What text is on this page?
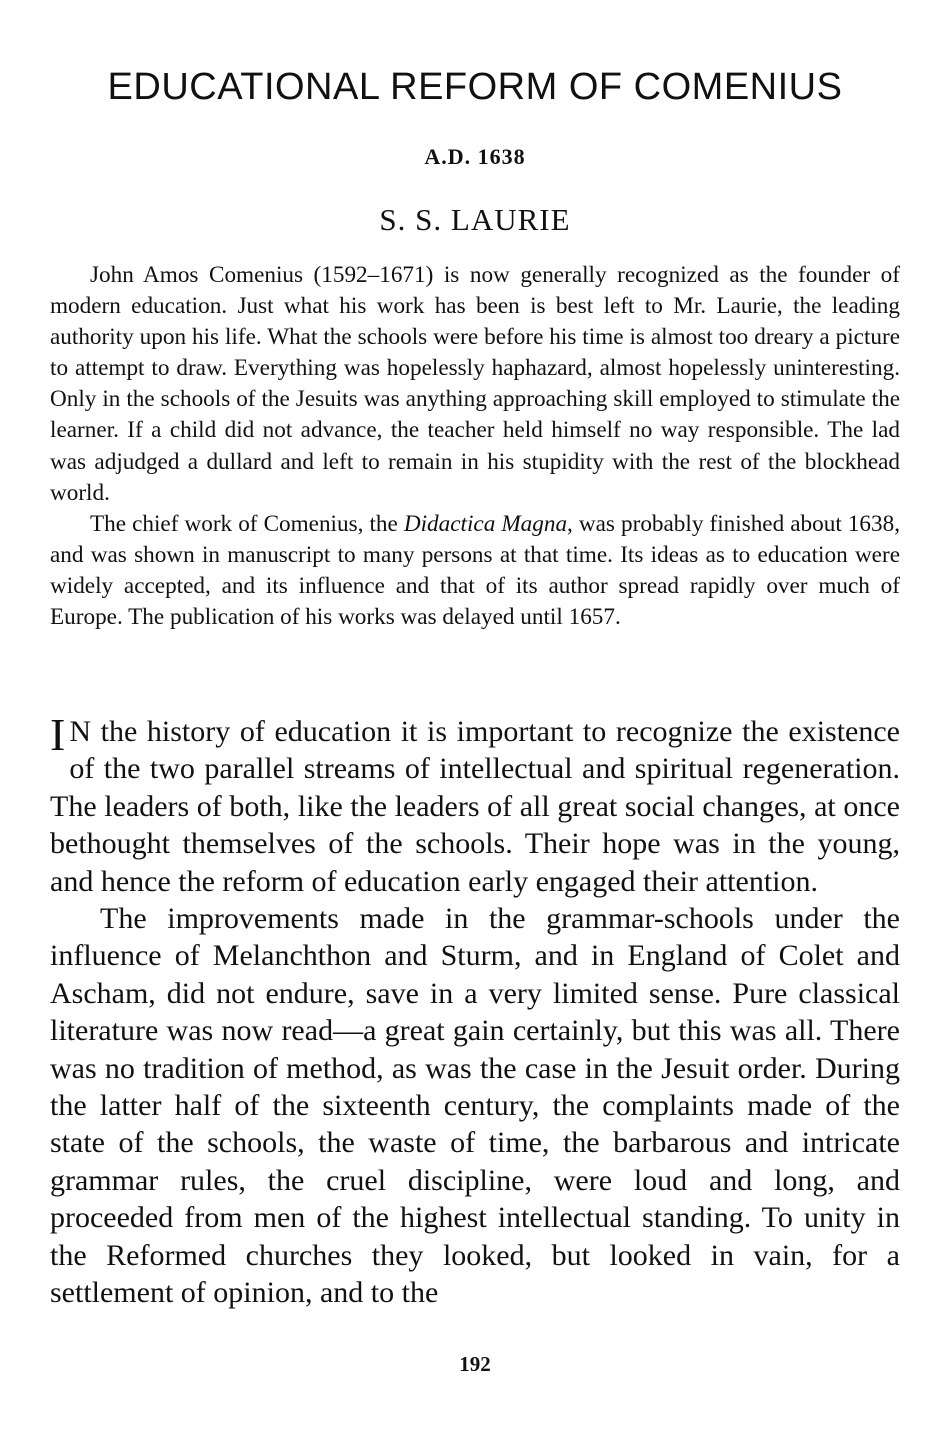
EDUCATIONAL REFORM OF COMENIUS
A.D. 1638
S. S. LAURIE

John Amos Comenius (1592–1671) is now generally recognized as the founder of modern education. Just what his work has been is best left to Mr. Laurie, the leading authority upon his life. What the schools were before his time is almost too dreary a picture to attempt to draw. Everything was hopelessly haphazard, almost hopelessly uninteresting. Only in the schools of the Jesuits was anything approaching skill employed to stimulate the learner. If a child did not advance, the teacher held himself no way responsible. The lad was adjudged a dullard and left to remain in his stupidity with the rest of the blockhead world.

The chief work of Comenius, the Didactica Magna, was probably finished about 1638, and was shown in manuscript to many persons at that time. Its ideas as to education were widely accepted, and its influence and that of its author spread rapidly over much of Europe. The publication of his works was delayed until 1657.

I N the history of education it is important to recognize the existence of the two parallel streams of intellectual and spiritual regeneration. The leaders of both, like the leaders of all great social changes, at once bethought themselves of the schools. Their hope was in the young, and hence the reform of education early engaged their attention.

The improvements made in the grammar-schools under the influence of Melanchthon and Sturm, and in England of Colet and Ascham, did not endure, save in a very limited sense. Pure classical literature was now read—a great gain certainly, but this was all. There was no tradition of method, as was the case in the Jesuit order. During the latter half of the sixteenth century, the complaints made of the state of the schools, the waste of time, the barbarous and intricate grammar rules, the cruel discipline, were loud and long, and proceeded from men of the highest intellectual standing. To unity in the Reformed churches they looked, but looked in vain, for a settlement of opinion, and to the

192
